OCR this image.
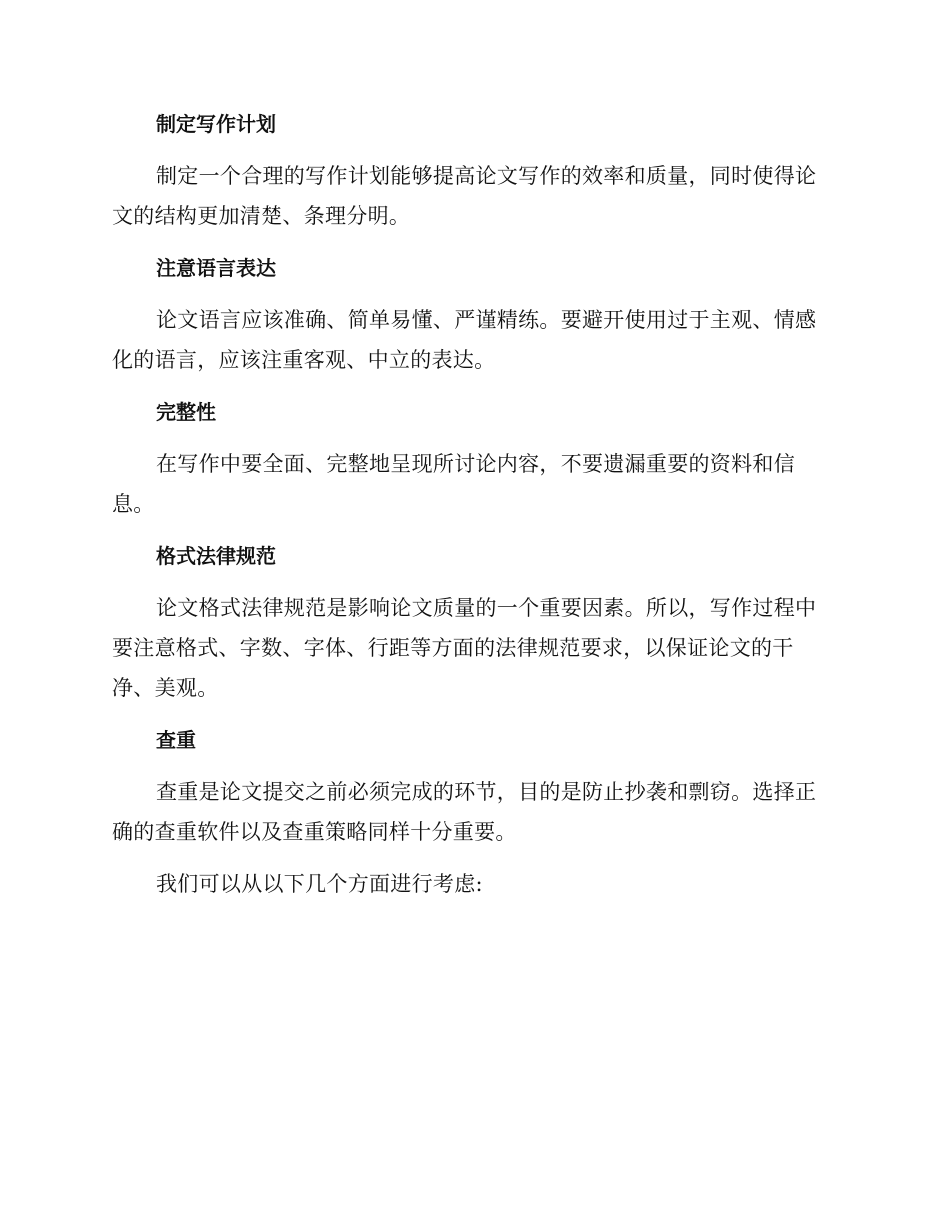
制定写作计划

制定一个合理的写作计划能够提高论文写作的效率和质量，同时使得论文的结构更加清楚、条理分明。

注意语言表达

论文语言应该准确、简单易懂、严谨精练。要避开使用过于主观、情感化的语言，应该注重客观、中立的表达。

完整性

在写作中要全面、完整地呈现所讨论内容，不要遗漏重要的资料和信息。

格式法律规范

论文格式法律规范是影响论文质量的一个重要因素。所以，写作过程中要注意格式、字数、字体、行距等方面的法律规范要求，以保证论文的干净、美观。

查重

查重是论文提交之前必须完成的环节，目的是防止抄袭和剽窃。选择正确的查重软件以及查重策略同样十分重要。

我们可以从以下几个方面进行考虑:
